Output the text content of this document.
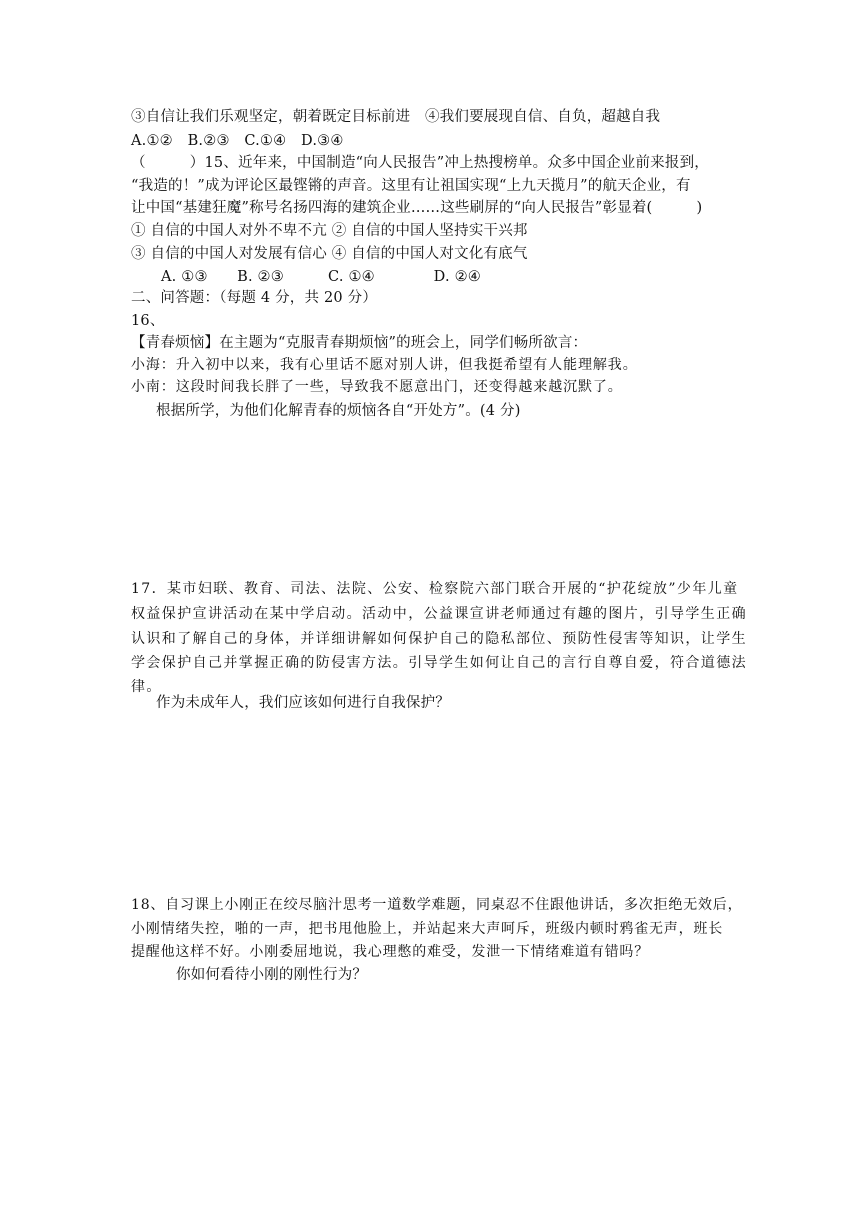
③自信让我们乐观坚定，朝着既定目标前进　④我们要展现自信、自负，超越自我
A.①②　B.②③　C.①④　D.③④
（　　　）15、近年来，中国制造“向人民报告”冲上热搜榜单。众多中国企业前来报到，
“我造的！”成为评论区最铿锵的声音。这里有让祖国实现“上九天揽月”的航天企业，有
让中国“基建狂魔”称号名扬四海的建筑企业……这些刷屏的“向人民报告”彰显着(　　　)
① 自信的中国人对外不卑不亢 ② 自信的中国人坚持实干兴邦
③ 自信的中国人对发展有信心 ④ 自信的中国人对文化有底气
A. ①③　　B. ②③　　　C. ①④　　　　D. ②④
二、问答题：（每题 4 分，共 20 分）
16、
【青春烦恼】在主题为“克服青春期烦恼”的班会上，同学们畅所欲言：
小海：升入初中以来，我有心里话不愿对别人讲，但我挺希望有人能理解我。
小南：这段时间我长胖了一些，导致我不愿意出门，还变得越来越沉默了。
根据所学，为他们化解青春的烦恼各自“开处方”。(4 分)
17．某市妇联、教育、司法、法院、公安、检察院六部门联合开展的“护花绽放”少年儿童
权益保护宣讲活动在某中学启动。活动中，公益课宣讲老师通过有趣的图片，引导学生正确
认识和了解自己的身体，并详细讲解如何保护自己的隐私部位、预防性侵害等知识，让学生
学会保护自己并掌握正确的防侵害方法。引导学生如何让自己的言行自尊自爱，符合道德法
律。
作为未成年人，我们应该如何进行自我保护？
18、自习课上小刚正在绞尽脑汁思考一道数学难题，同桌忍不住跟他讲话，多次拒绝无效后，
小刚情绪失控，啪的一声，把书甩他脸上，并站起来大声呵斥，班级内顿时鸦雀无声，班长
提醒他这样不好。小刚委屈地说，我心理憋的难受，发泄一下情绪难道有错吗？
你如何看待小刚的刚性行为？
